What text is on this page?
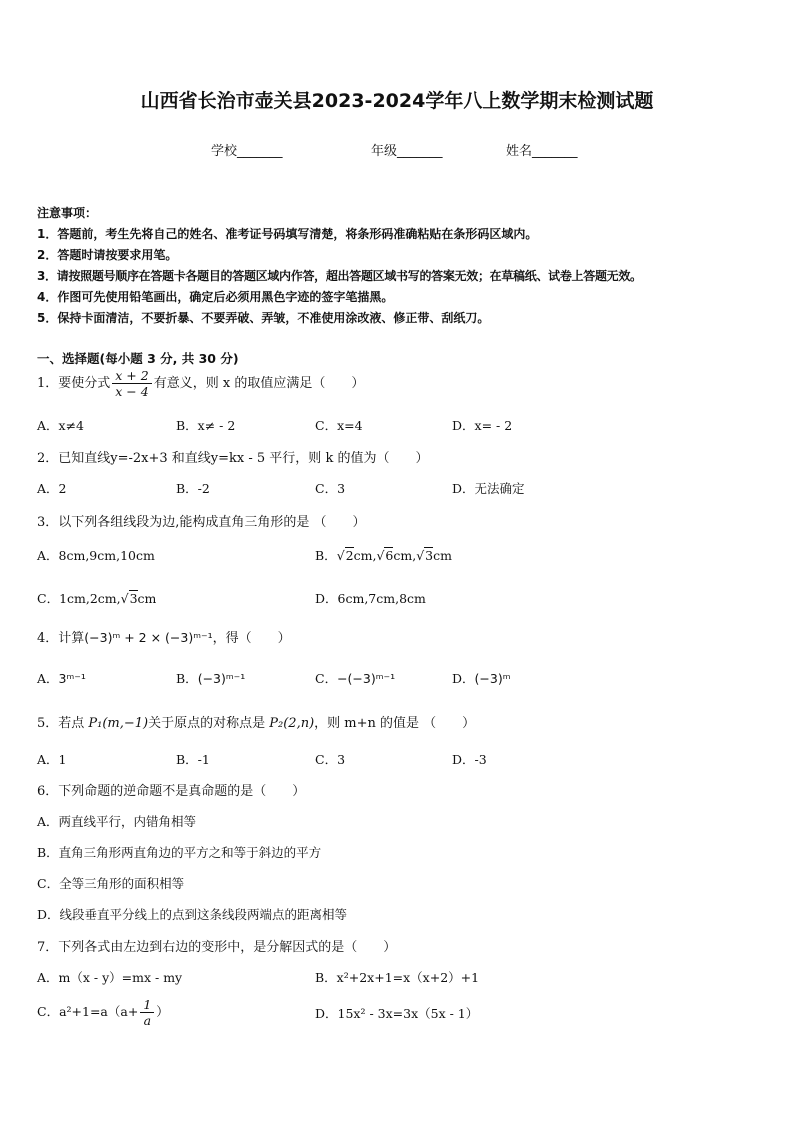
山西省长治市壶关县2023-2024学年八上数学期末检测试题
学校_______	年级_______	姓名_______
注意事项：
1．答题前，考生先将自己的姓名、准考证号码填写清楚，将条形码准确粘贴在条形码区域内。
2．答题时请按要求用笔。
3．请按照题号顺序在答题卡各题目的答题区域内作答，超出答题区域书写的答案无效；在草稿纸、试卷上答题无效。
4．作图可先使用铅笔画出，确定后必须用黑色字迹的签字笔描黑。
5．保持卡面清洁，不要折暴、不要弄破、弄皱，不准使用涂改液、修正带、刮纸刀。
一、选择题(每小题 3 分, 共 30 分)
1．要使分式 $\frac{x + 2}{x - 4}$ 有意义，则 x 的取值应满足（　　）
A．x≠4	B．x≠ - 2	C．x=4	D．x= - 2
2．已知直线y=-2x+3 和直线y=kx - 5 平行，则 k 的值为（　　）
A．2	B．-2	C．3	D．无法确定
3．以下列各组线段为边,能构成直角三角形的是 （　　）
A．8cm,9cm,10cm	B．√2cm,√6cm,√3cm
C．1cm,2cm,√3cm	D．6cm,7cm,8cm
4．计算(−3)ᵐ + 2 × (−3)ᵐ⁻¹，得（　　）
A．3ᵐ⁻¹	B．(−3)ᵐ⁻¹	C．−(−3)ᵐ⁻¹	D．(−3)ᵐ
5．若点 P₁(m,−1)关于原点的对称点是 P₂(2,n)，则 m+n 的值是 （　　）
A．1	B．-1	C．3	D．-3
6．下列命题的逆命题不是真命题的是（　　）
A．两直线平行，内错角相等
B．直角三角形两直角边的平方之和等于斜边的平方
C．全等三角形的面积相等
D．线段垂直平分线上的点到这条线段两端点的距离相等
7．下列各式由左边到右边的变形中，是分解因式的是（　　）
A．m（x - y）=mx - my	B．x²+2x+1=x（x+2）+1
C．$a^2+1=a(a+ \frac{1}{a}$ ）	D．15x² - 3x=3x（5x - 1）
